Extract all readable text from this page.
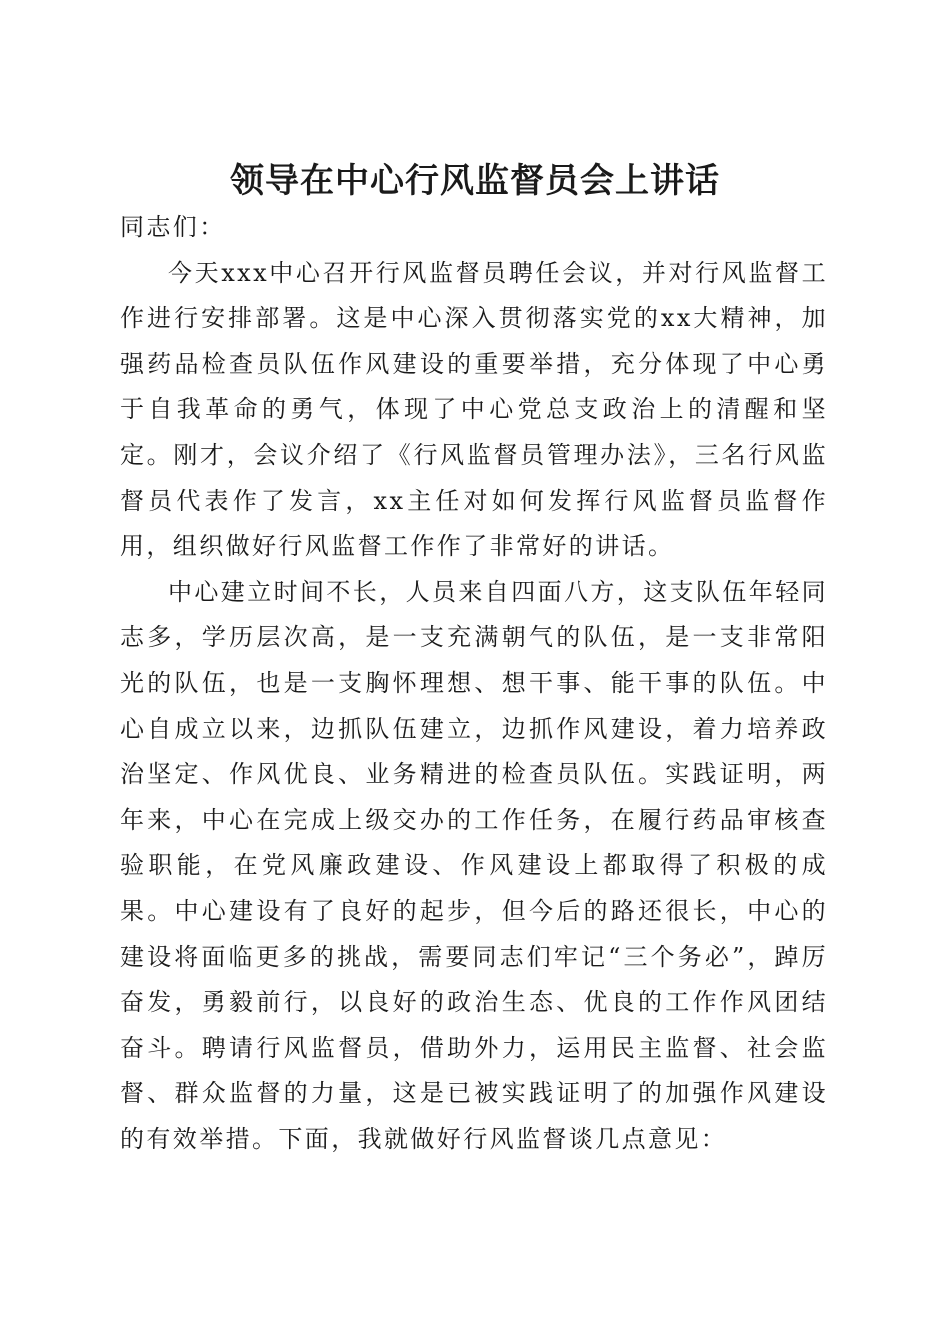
领导在中心行风监督员会上讲话

同志们：

今天xxx中心召开行风监督员聘任会议，并对行风监督工作进行安排部署。这是中心深入贯彻落实党的xx大精神，加强药品检查员队伍作风建设的重要举措，充分体现了中心勇于自我革命的勇气，体现了中心党总支政治上的清醒和坚定。刚才，会议介绍了《行风监督员管理办法》，三名行风监督员代表作了发言，xx主任对如何发挥行风监督员监督作用，组织做好行风监督工作作了非常好的讲话。

中心建立时间不长，人员来自四面八方，这支队伍年轻同志多，学历层次高，是一支充满朝气的队伍，是一支非常阳光的队伍，也是一支胸怀理想、想干事、能干事的队伍。中心自成立以来，边抓队伍建立，边抓作风建设，着力培养政治坚定、作风优良、业务精进的检查员队伍。实践证明，两年来，中心在完成上级交办的工作任务，在履行药品审核查验职能，在党风廉政建设、作风建设上都取得了积极的成果。中心建设有了良好的起步，但今后的路还很长，中心的建设将面临更多的挑战，需要同志们牢记“三个务必”，踔厉奋发，勇毅前行，以良好的政治生态、优良的工作作风团结奋斗。聘请行风监督员，借助外力，运用民主监督、社会监督、群众监督的力量，这是已被实践证明了的加强作风建设的有效举措。下面，我就做好行风监督谈几点意见：
